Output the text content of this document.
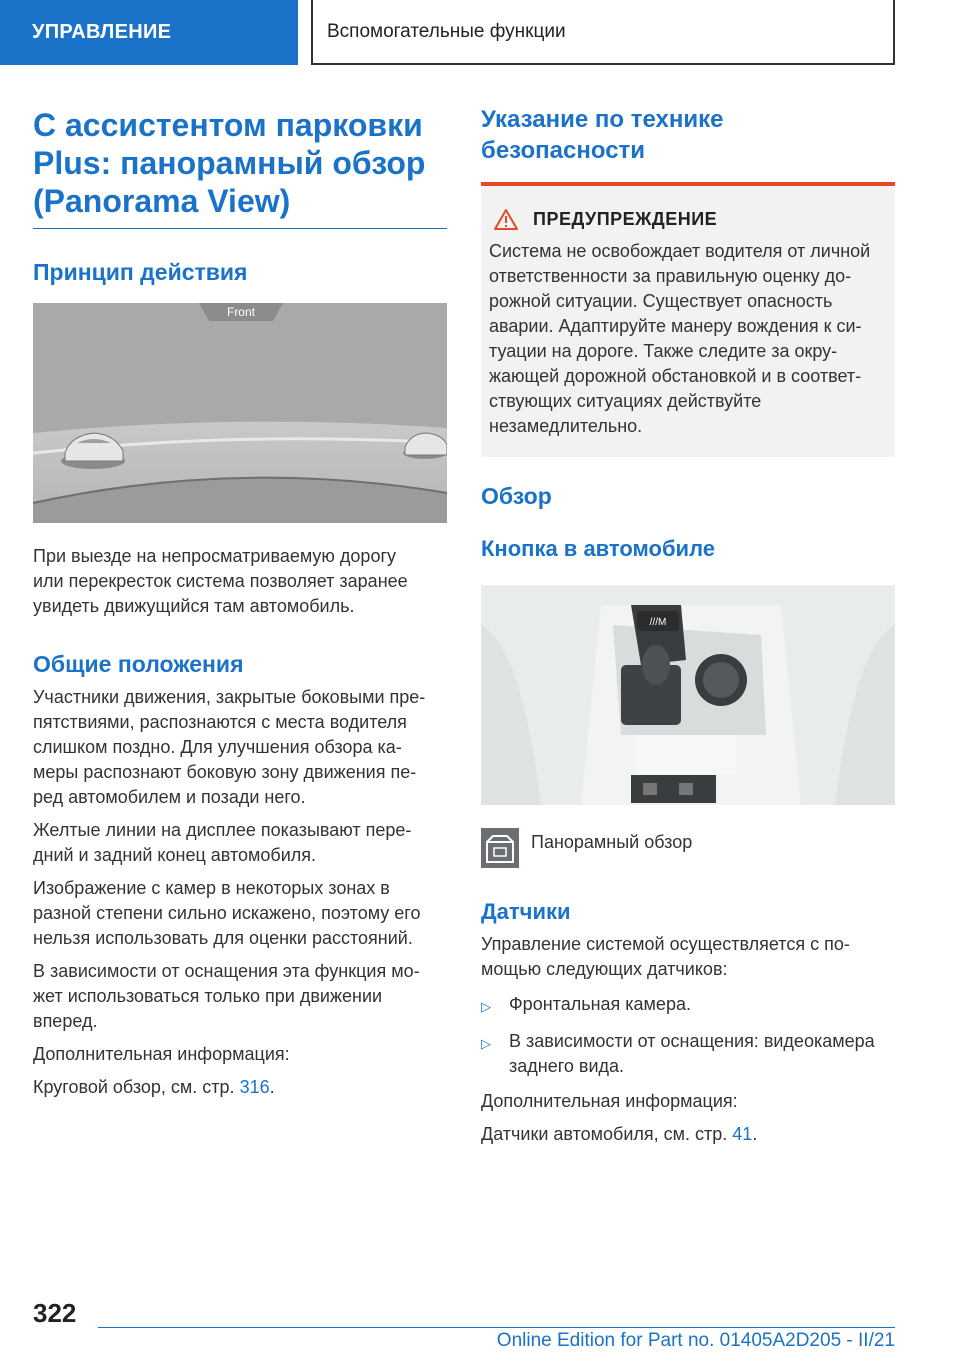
УПРАВЛЕНИЕ	Вспомогательные функции
С ассистентом парковки
Plus: панорамный обзор
(Panorama View)
Принцип действия
Front

При выезде на непросматриваемую дорогу

или перекресток система позволяет заранее

увидеть движущийся там автомобиль.

Общие положения

Участники движения, закрытые боковыми пре-

пятствиями, распознаются с места водителя

слишком поздно. Для улучшения обзора ка-

меры распознают боковую зону движения пе-

ред автомобилем и позади него.

Желтые линии на дисплее показывают пере-

дний и задний конец автомобиля.

Изображение с камер в некоторых зонах в

разной степени сильно искажено, поэтому его

нельзя использовать для оценки расстояний.

В зависимости от оснащения эта функция мо-

жет использоваться только при движении

вперед.

Дополнительная информация:

Круговой обзор, см. стр. 316.

Указание по технике
безопасности
ПРЕДУПРЕЖДЕНИЕ

Система не освобождает водителя от личной

ответственности за правильную оценку до-

рожной ситуации. Существует опасность

аварии. Адаптируйте манеру вождения к си-

туации на дороге. Также следите за окру-

жающей дорожной обстановкой и в соответ-

ствующих ситуациях действуйте

незамедлительно.

Обзор
Кнопка в автомобиле
///M

Панорамный обзор

Датчики

Управление системой осуществляется с по-

мощью следующих датчиков:

▷ Фронтальная камера.
▷ В зависимости от оснащения: видеокамера
заднего вида.

Дополнительная информация:

Датчики автомобиля, см. стр. 41.

322
Online Edition for Part no. 01405A2D205 - II/21
